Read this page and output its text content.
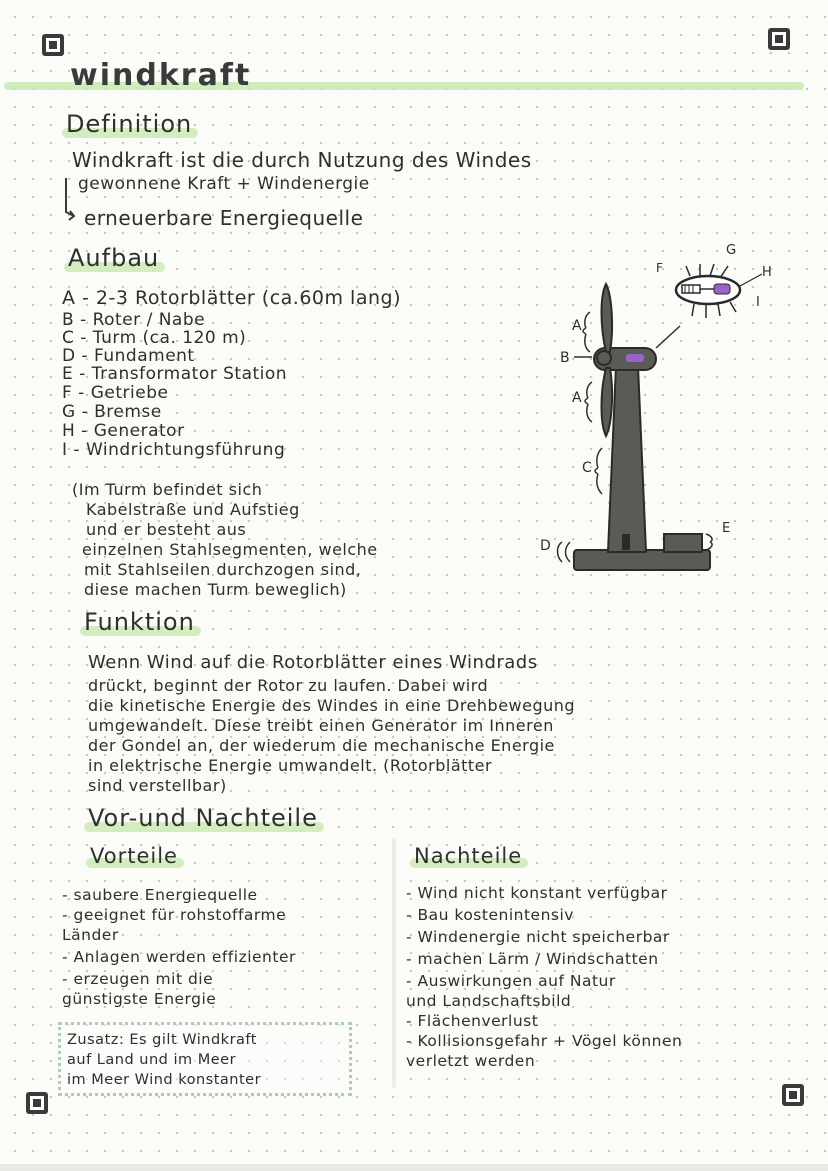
windkraft
Definition
Windkraft ist die durch Nutzung des Windes
gewonnene Kraft + Windenergie
erneuerbare Energiequelle
Aufbau
A - 2-3 Rotorblätter (ca.60m lang)
B - Roter / Nabe
C - Turm (ca. 120 m)
D - Fundament
E - Transformator Station
F - Getriebe
G - Bremse
H - Generator
I - Windrichtungsführung
(Im Turm befindet sich
Kabelstraße und Aufstieg
und er besteht aus
einzelnen Stahlsegmenten, welche
mit Stahlseilen durchzogen sind,
diese machen Turm beweglich)
A
B
A
C
D
E
F
G
H
I
Funktion
Wenn Wind auf die Rotorblätter eines Windrads
drückt, beginnt der Rotor zu laufen. Dabei wird
die kinetische Energie des Windes in eine Drehbewegung
umgewandelt. Diese treibt einen Generator im Inneren
der Gondel an, der wiederum die mechanische Energie
in elektrische Energie umwandelt. (Rotorblätter
sind verstellbar)
Vor-und Nachteile
Vorteile
- saubere Energiequelle
- geeignet für rohstoffarme
Länder
- Anlagen werden effizienter
- erzeugen mit die
günstigste Energie
Nachteile
- Wind nicht konstant verfügbar
- Bau kostenintensiv
- Windenergie nicht speicherbar
- machen Lärm / Windschatten
- Auswirkungen auf Natur
und Landschaftsbild
- Flächenverlust
- Kollisionsgefahr + Vögel können
verletzt werden
Zusatz: Es gilt Windkraft
auf Land und im Meer
im Meer Wind konstanter
